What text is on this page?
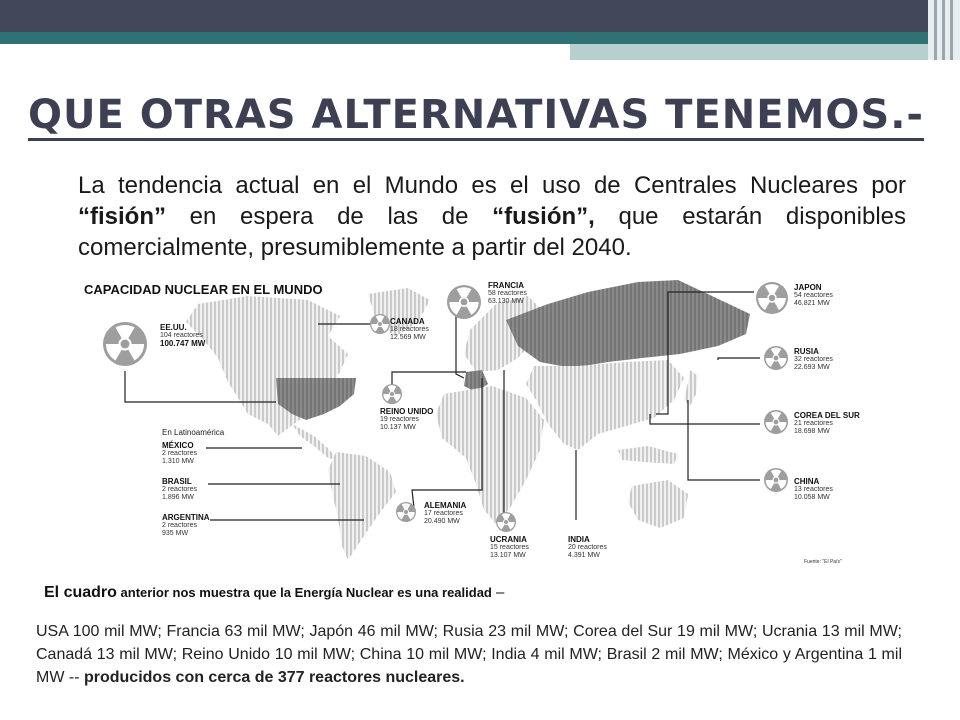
QUE OTRAS ALTERNATIVAS TENEMOS.-

La tendencia actual en el Mundo es el uso de Centrales Nucleares por “fisión” en espera de las de “fusión”, que estarán disponibles comercialmente, presumiblemente a partir del 2040.

CAPACIDAD NUCLEAR EN EL MUNDO
En Latinoamérica
EE.UU.
104 reactores

100.747 MW
CANADA
18 reactores
12.569 MW
FRANCIA
58 reactores
63.130 MW
REINO UNIDO
19 reactores
10.137 MW
MÉXICO
2 reactores
1.310 MW
BRASIL
2 reactores
1.896 MW
ARGENTINA
2 reactores
935 MW
ALEMANIA
17 reactores
20.490 MW
UCRANIA
15 reactores
13.107 MW
INDIA
20 reactores
4.391 MW
JAPON
54 reactores
46.821 MW
RUSIA
32 reactores
22.693 MW
COREA DEL SUR
21 reactores
18.698 MW
CHINA
13 reactores
10.058 MW
Fuente: "El País"

El cuadro anterior nos muestra que la Energía Nuclear es una realidad –

USA 100 mil MW; Francia 63 mil MW; Japón 46 mil MW; Rusia 23 mil MW; Corea del Sur 19 mil MW; Ucrania 13 mil MW; Canadá 13 mil MW; Reino Unido 10 mil MW; China 10 mil MW; India 4 mil MW; Brasil 2 mil MW; México y Argentina 1 mil MW -- producidos con cerca de 377 reactores nucleares.
